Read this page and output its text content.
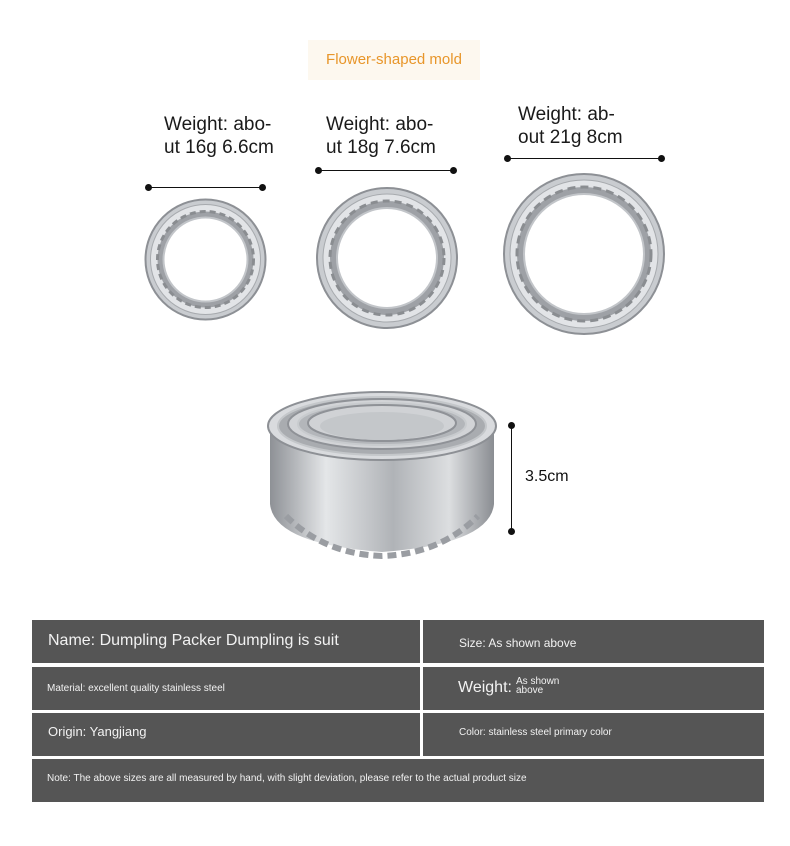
Flower-shaped mold
Weight: abo-
ut 16g 6.6cm
Weight: abo-
ut 18g 7.6cm
Weight: ab-
out 21g 8cm
3.5cm
Name: Dumpling Packer Dumpling is suit	Size: As shown above
Material: excellent quality stainless steel	Weight: As shown above
Origin: Yangjiang	Color: stainless steel primary color
Note: The above sizes are all measured by hand, with slight deviation, please refer to the actual product size
